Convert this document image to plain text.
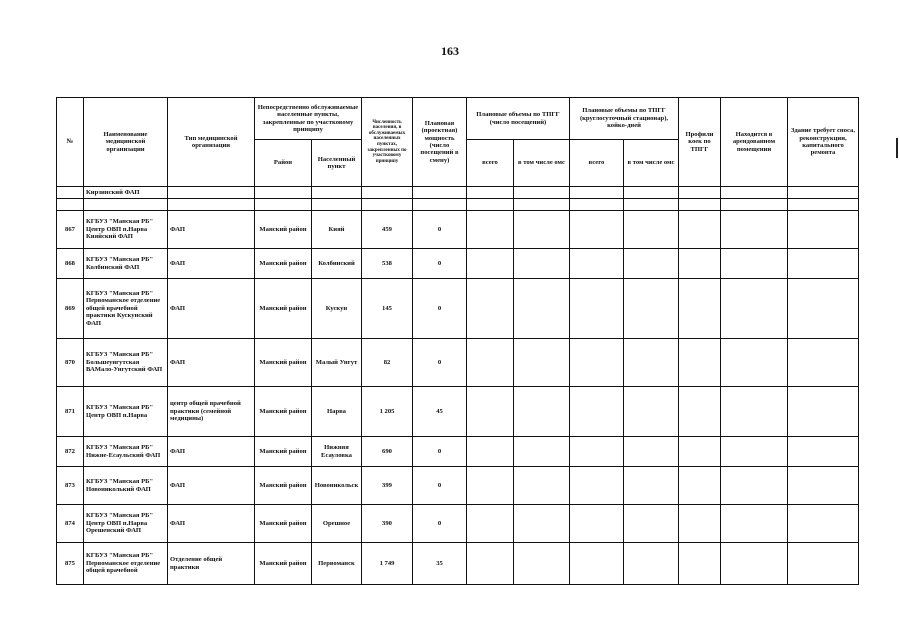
163
№	Наименование медицинской организации	Тип медицинской организации	Непосредственно обслуживаемые населенные пункты, закрепленные по участковому принципу		Численность населения, в обслуживаемых населенных пунктах, закрепленных по участковому принципу	Плановая (проектная) мощность (число посещений в смену)	Плановые объемы по ТПГГ (число посещений)		Плановые объемы по ТПГГ (круглосуточный стационар), койко-дней		Профили коек по ТПГГ	Находится в арендованном помещении	Здание требует сноса, реконструкции, капитального ремонта
			Район	Населенный пункт			всего	в том числе омс	всего	в том числе омс			
	Кирзинский ФАП												

867	КГБУЗ "Манская РБ" Центр ОВП п.Нарва Кияйский ФАП	ФАП	Манский район	Кияй	459	0							
868	КГБУЗ "Манская РБ" Колбинский ФАП	ФАП	Манский район	Колбинский	538	0							
869	КГБУЗ "Манская РБ" Первоманское отделение общей врачебной практики Кускунский ФАП	ФАП	Манский район	Кускун	145	0							
870	КГБУЗ "Манская РБ" Большеунгутская ВАМало-Унгутский ФАП	ФАП	Манский район	Малый Унгут	82	0							
871	КГБУЗ "Манская РБ" Центр ОВП п.Нарва	центр общей врачебной практики (семейной медицины)	Манский район	Нарва	1 205	45							
872	КГБУЗ "Манская РБ" Нижне-Есаульский ФАП	ФАП	Манский район	Нижняя Есауловка	690	0							
873	КГБУЗ "Манская РБ" Новониколький ФАП	ФАП	Манский район	Новоникольск	399	0							
874	КГБУЗ "Манская РБ" Центр ОВП п.Нарва Орешенский ФАП	ФАП	Манский район	Орешное	390	0							
875	КГБУЗ "Манская РБ" Первоманское отделение общей врачебной	Отделение общей практики	Манский район	Первоманск	1 749	35							
